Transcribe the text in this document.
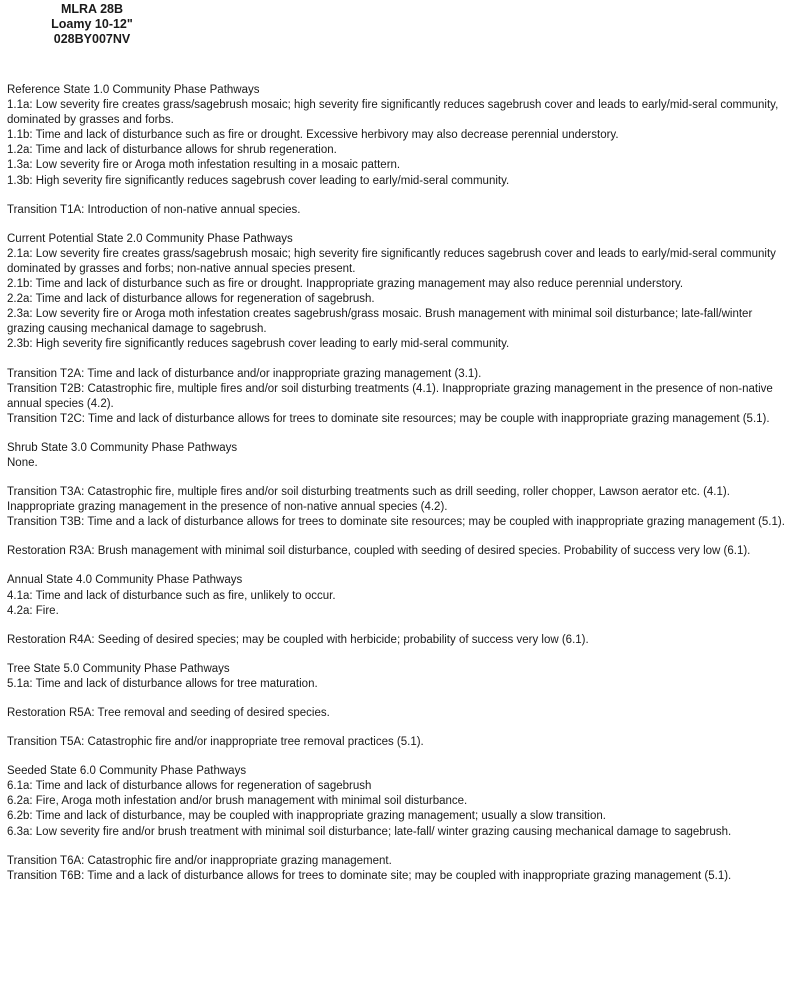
MLRA 28B
Loamy 10-12"
028BY007NV
Reference State 1.0 Community Phase Pathways
1.1a: Low severity fire creates grass/sagebrush mosaic; high severity fire significantly reduces sagebrush cover and leads to early/mid-seral community, dominated by grasses and forbs.
1.1b: Time and lack of disturbance such as fire or drought. Excessive herbivory may also decrease perennial understory.
1.2a: Time and lack of disturbance allows for shrub regeneration.
1.3a: Low severity fire or Aroga moth infestation resulting in a mosaic pattern.
1.3b: High severity fire significantly reduces sagebrush cover leading to early/mid-seral community.
Transition T1A: Introduction of non-native annual species.
Current Potential State 2.0 Community Phase Pathways
2.1a: Low severity fire creates grass/sagebrush mosaic; high severity fire significantly reduces sagebrush cover and leads to early/mid-seral community dominated by grasses and forbs; non-native annual species present.
2.1b: Time and lack of disturbance such as fire or drought. Inappropriate grazing management may also reduce perennial understory.
2.2a: Time and lack of disturbance allows for regeneration of sagebrush.
2.3a: Low severity fire or Aroga moth infestation creates sagebrush/grass mosaic. Brush management with minimal soil disturbance; late-fall/winter grazing causing mechanical damage to sagebrush.
2.3b: High severity fire significantly reduces sagebrush cover leading to early mid-seral community.
Transition T2A: Time and lack of disturbance and/or inappropriate grazing management (3.1).
Transition T2B: Catastrophic fire, multiple fires and/or soil disturbing treatments (4.1). Inappropriate grazing management in the presence of non-native annual species (4.2).
Transition T2C: Time and lack of disturbance allows for trees to dominate site resources; may be couple with inappropriate grazing management (5.1).
Shrub State 3.0 Community Phase Pathways
None.
Transition T3A: Catastrophic fire, multiple fires and/or soil disturbing treatments such as drill seeding, roller chopper, Lawson aerator etc. (4.1). Inappropriate grazing management in the presence of non-native annual species (4.2).
Transition T3B: Time and a lack of disturbance allows for trees to dominate site resources; may be coupled with inappropriate grazing management (5.1).
Restoration R3A: Brush management with minimal soil disturbance, coupled with seeding of desired species. Probability of success very low (6.1).
Annual State 4.0 Community Phase Pathways
4.1a: Time and lack of disturbance such as fire, unlikely to occur.
4.2a: Fire.
Restoration R4A: Seeding of desired species; may be coupled with herbicide; probability of success very low (6.1).
Tree State 5.0 Community Phase Pathways
5.1a: Time and lack of disturbance allows for tree maturation.
Restoration R5A: Tree removal and seeding of desired species.
Transition T5A: Catastrophic fire and/or inappropriate tree removal practices (5.1).
Seeded State 6.0 Community Phase Pathways
6.1a: Time and lack of disturbance allows for regeneration of sagebrush
6.2a: Fire, Aroga moth infestation and/or brush management with minimal soil disturbance.
6.2b: Time and lack of disturbance, may be coupled with inappropriate grazing management; usually a slow transition.
6.3a: Low severity fire and/or brush treatment with minimal soil disturbance; late-fall/ winter grazing causing mechanical damage to sagebrush.
Transition T6A: Catastrophic fire and/or inappropriate grazing management.
Transition T6B: Time and a lack of disturbance allows for trees to dominate site; may be coupled with inappropriate grazing management (5.1).
